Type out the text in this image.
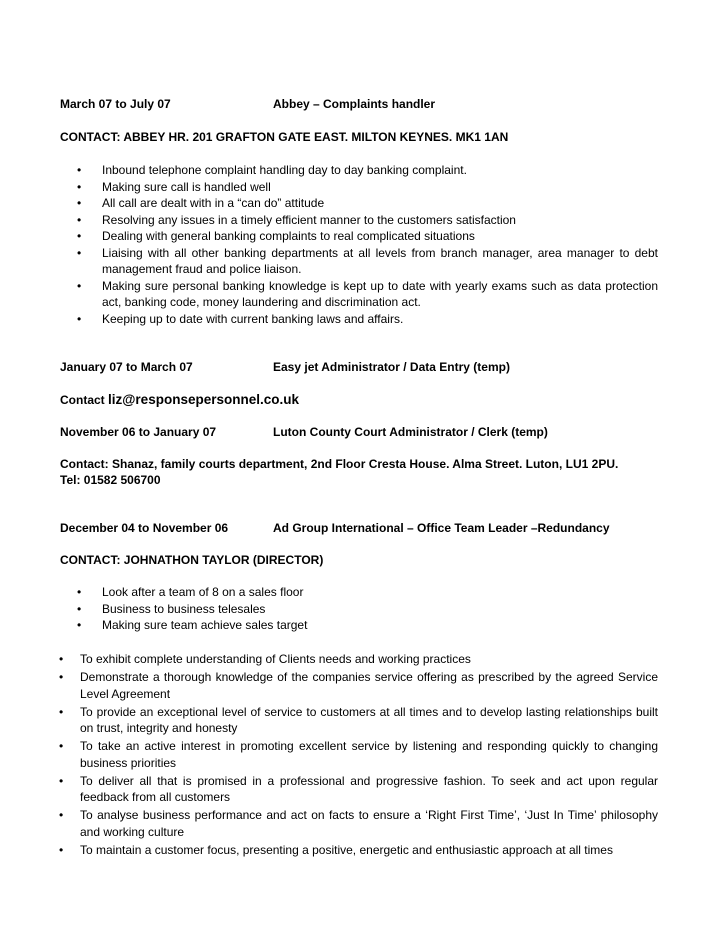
March 07 to July 07	Abbey – Complaints handler
CONTACT: ABBEY HR. 201 GRAFTON GATE EAST. MILTON KEYNES. MK1 1AN
• Inbound telephone complaint handling day to day banking complaint.
• Making sure call is handled well
• All call are dealt with in a “can do” attitude
• Resolving any issues in a timely efficient manner to the customers satisfaction
• Dealing with general banking complaints to real complicated situations
• Liaising with all other banking departments at all levels from branch manager, area manager to debt management fraud and police liaison.
• Making sure personal banking knowledge is kept up to date with yearly exams such as data protection act, banking code, money laundering and discrimination act.
• Keeping up to date with current banking laws and affairs.
January 07 to March 07	Easy jet Administrator / Data Entry (temp)
Contact liz@responsepersonnel.co.uk
November 06 to January 07	Luton County Court Administrator / Clerk (temp)
Contact: Shanaz, family courts department, 2nd Floor Cresta House. Alma Street. Luton, LU1 2PU.
Tel: 01582 506700
December 04 to November 06	Ad Group International – Office Team Leader –Redundancy
CONTACT: JOHNATHON TAYLOR (DIRECTOR)
• Look after a team of 8 on a sales floor
• Business to business telesales
• Making sure team achieve sales target
• To exhibit complete understanding of Clients needs and working practices
• Demonstrate a thorough knowledge of the companies service offering as prescribed by the agreed Service Level Agreement
• To provide an exceptional level of service to customers at all times and to develop lasting relationships built on trust, integrity and honesty
• To take an active interest in promoting excellent service by listening and responding quickly to changing business priorities
• To deliver all that is promised in a professional and progressive fashion. To seek and act upon regular feedback from all customers
• To analyse business performance and act on facts to ensure a ‘Right First Time’, ‘Just In Time’ philosophy and working culture
• To maintain a customer focus, presenting a positive, energetic and enthusiastic approach at all times
